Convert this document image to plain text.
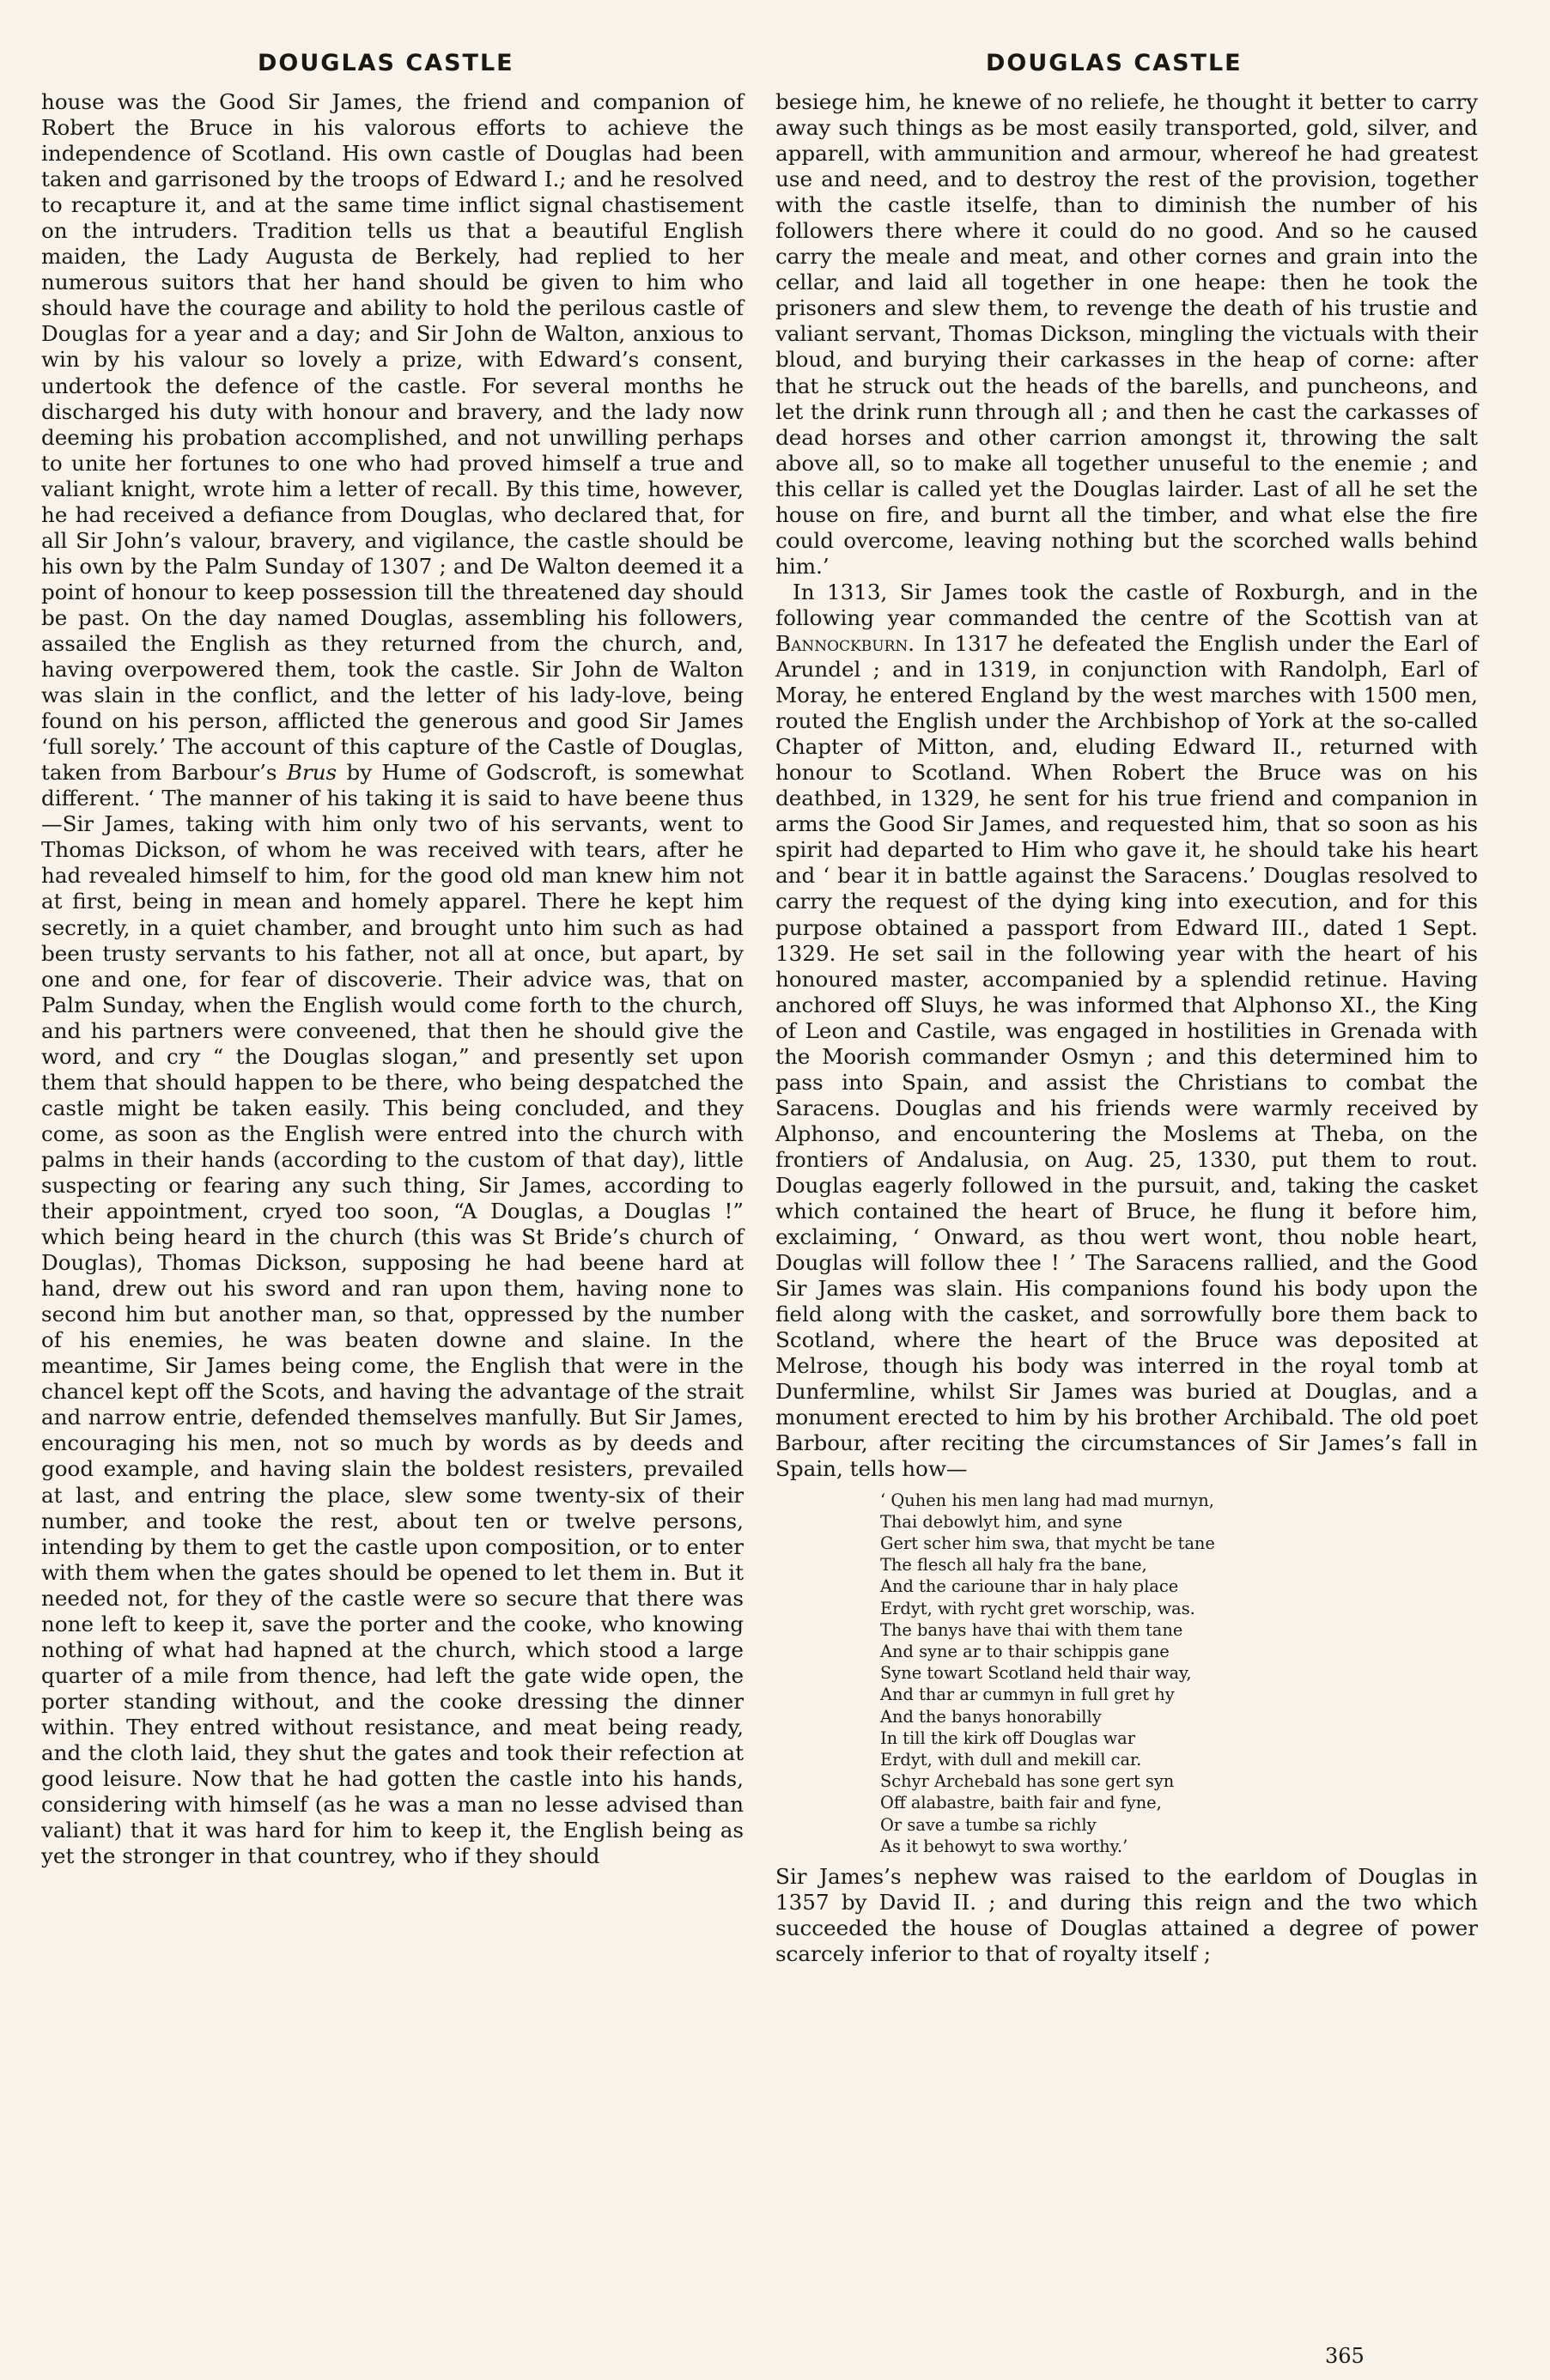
DOUGLAS CASTLE	DOUGLAS CASTLE

house was the Good Sir James, the friend and companion of Robert the Bruce in his valorous efforts to achieve the independence of Scotland. His own castle of Douglas had been taken and garrisoned by the troops of Edward I.; and he resolved to recapture it, and at the same time inflict signal chastisement on the intruders. Tradition tells us that a beautiful English maiden, the Lady Augusta de Berkely, had replied to her numerous suitors that her hand should be given to him who should have the courage and ability to hold the perilous castle of Douglas for a year and a day; and Sir John de Walton, anxious to win by his valour so lovely a prize, with Edward’s consent, undertook the defence of the castle. For several months he discharged his duty with honour and bravery, and the lady now deeming his probation accomplished, and not unwilling perhaps to unite her fortunes to one who had proved himself a true and valiant knight, wrote him a letter of recall. By this time, however, he had received a defiance from Douglas, who declared that, for all Sir John’s valour, bravery, and vigilance, the castle should be his own by the Palm Sunday of 1307 ; and De Walton deemed it a point of honour to keep possession till the threatened day should be past. On the day named Douglas, assembling his followers, assailed the English as they returned from the church, and, having overpowered them, took the castle. Sir John de Walton was slain in the conflict, and the letter of his lady-love, being found on his person, afflicted the generous and good Sir James ‘full sorely.’ The account of this capture of the Castle of Douglas, taken from Barbour’s Brus by Hume of Godscroft, is somewhat different. ‘ The manner of his taking it is said to have beene thus—Sir James, taking with him only two of his servants, went to Thomas Dickson, of whom he was received with tears, after he had revealed himself to him, for the good old man knew him not at first, being in mean and homely apparel. There he kept him secretly, in a quiet chamber, and brought unto him such as had been trusty servants to his father, not all at once, but apart, by one and one, for fear of discoverie. Their advice was, that on Palm Sunday, when the English would come forth to the church, and his partners were conveened, that then he should give the word, and cry “ the Douglas slogan,” and presently set upon them that should happen to be there, who being despatched the castle might be taken easily. This being concluded, and they come, as soon as the English were entred into the church with palms in their hands (according to the custom of that day), little suspecting or fearing any such thing, Sir James, according to their appointment, cryed too soon, “A Douglas, a Douglas !” which being heard in the church (this was St Bride’s church of Douglas), Thomas Dickson, supposing he had beene hard at hand, drew out his sword and ran upon them, having none to second him but another man, so that, oppressed by the number of his enemies, he was beaten downe and slaine. In the meantime, Sir James being come, the English that were in the chancel kept off the Scots, and having the advantage of the strait and narrow entrie, defended themselves manfully. But Sir James, encouraging his men, not so much by words as by deeds and good example, and having slain the boldest resisters, prevailed at last, and entring the place, slew some twenty-six of their number, and tooke the rest, about ten or twelve persons, intending by them to get the castle upon composition, or to enter with them when the gates should be opened to let them in. But it needed not, for they of the castle were so secure that there was none left to keep it, save the porter and the cooke, who knowing nothing of what had hapned at the church, which stood a large quarter of a mile from thence, had left the gate wide open, the porter standing without, and the cooke dressing the dinner within. They entred without resistance, and meat being ready, and the cloth laid, they shut the gates and took their refection at good leisure. Now that he had gotten the castle into his hands, considering with himself (as he was a man no lesse advised than valiant) that it was hard for him to keep it, the English being as yet the stronger in that countrey, who if they should

besiege him, he knewe of no reliefe, he thought it better to carry away such things as be most easily transported, gold, silver, and apparell, with ammunition and armour, whereof he had greatest use and need, and to destroy the rest of the provision, together with the castle itselfe, than to diminish the number of his followers there where it could do no good. And so he caused carry the meale and meat, and other cornes and grain into the cellar, and laid all together in one heape: then he took the prisoners and slew them, to revenge the death of his trustie and valiant servant, Thomas Dickson, mingling the victuals with their bloud, and burying their carkasses in the heap of corne: after that he struck out the heads of the barells, and puncheons, and let the drink runn through all ; and then he cast the carkasses of dead horses and other carrion amongst it, throwing the salt above all, so to make all together unuseful to the enemie ; and this cellar is called yet the Douglas lairder. Last of all he set the house on fire, and burnt all the timber, and what else the fire could overcome, leaving nothing but the scorched walls behind him.’

In 1313, Sir James took the castle of Roxburgh, and in the following year commanded the centre of the Scottish van at Bannockburn. In 1317 he defeated the English under the Earl of Arundel ; and in 1319, in conjunction with Randolph, Earl of Moray, he entered England by the west marches with 1500 men, routed the English under the Archbishop of York at the so-called Chapter of Mitton, and, eluding Edward II., returned with honour to Scotland. When Robert the Bruce was on his deathbed, in 1329, he sent for his true friend and companion in arms the Good Sir James, and requested him, that so soon as his spirit had departed to Him who gave it, he should take his heart and ‘ bear it in battle against the Saracens.’ Douglas resolved to carry the request of the dying king into execution, and for this purpose obtained a passport from Edward III., dated 1 Sept. 1329. He set sail in the following year with the heart of his honoured master, accompanied by a splendid retinue. Having anchored off Sluys, he was informed that Alphonso XI., the King of Leon and Castile, was engaged in hostilities in Grenada with the Moorish commander Osmyn ; and this determined him to pass into Spain, and assist the Christians to combat the Saracens. Douglas and his friends were warmly received by Alphonso, and encountering the Moslems at Theba, on the frontiers of Andalusia, on Aug. 25, 1330, put them to rout. Douglas eagerly followed in the pursuit, and, taking the casket which contained the heart of Bruce, he flung it before him, exclaiming, ‘ Onward, as thou wert wont, thou noble heart, Douglas will follow thee ! ’ The Saracens rallied, and the Good Sir James was slain. His companions found his body upon the field along with the casket, and sorrowfully bore them back to Scotland, where the heart of the Bruce was deposited at Melrose, though his body was interred in the royal tomb at Dunfermline, whilst Sir James was buried at Douglas, and a monument erected to him by his brother Archibald. The old poet Barbour, after reciting the circumstances of Sir James’s fall in Spain, tells how—

‘ Quhen his men lang had mad murnyn,
Thai debowlyt him, and syne
Gert scher him swa, that mycht be tane
The flesch all haly fra the bane,
And the carioune thar in haly place
Erdyt, with rycht gret worschip, was.
The banys have thai with them tane
And syne ar to thair schippis gane
Syne towart Scotland held thair way,
And thar ar cummyn in full gret hy
And the banys honorabilly
In till the kirk off Douglas war
Erdyt, with dull and mekill car.
Schyr Archebald has sone gert syn
Off alabastre, baith fair and fyne,
Or save a tumbe sa richly
As it behowyt to swa worthy.’

Sir James’s nephew was raised to the earldom of Douglas in 1357 by David II. ; and during this reign and the two which succeeded the house of Douglas attained a degree of power scarcely inferior to that of royalty itself ;

365
